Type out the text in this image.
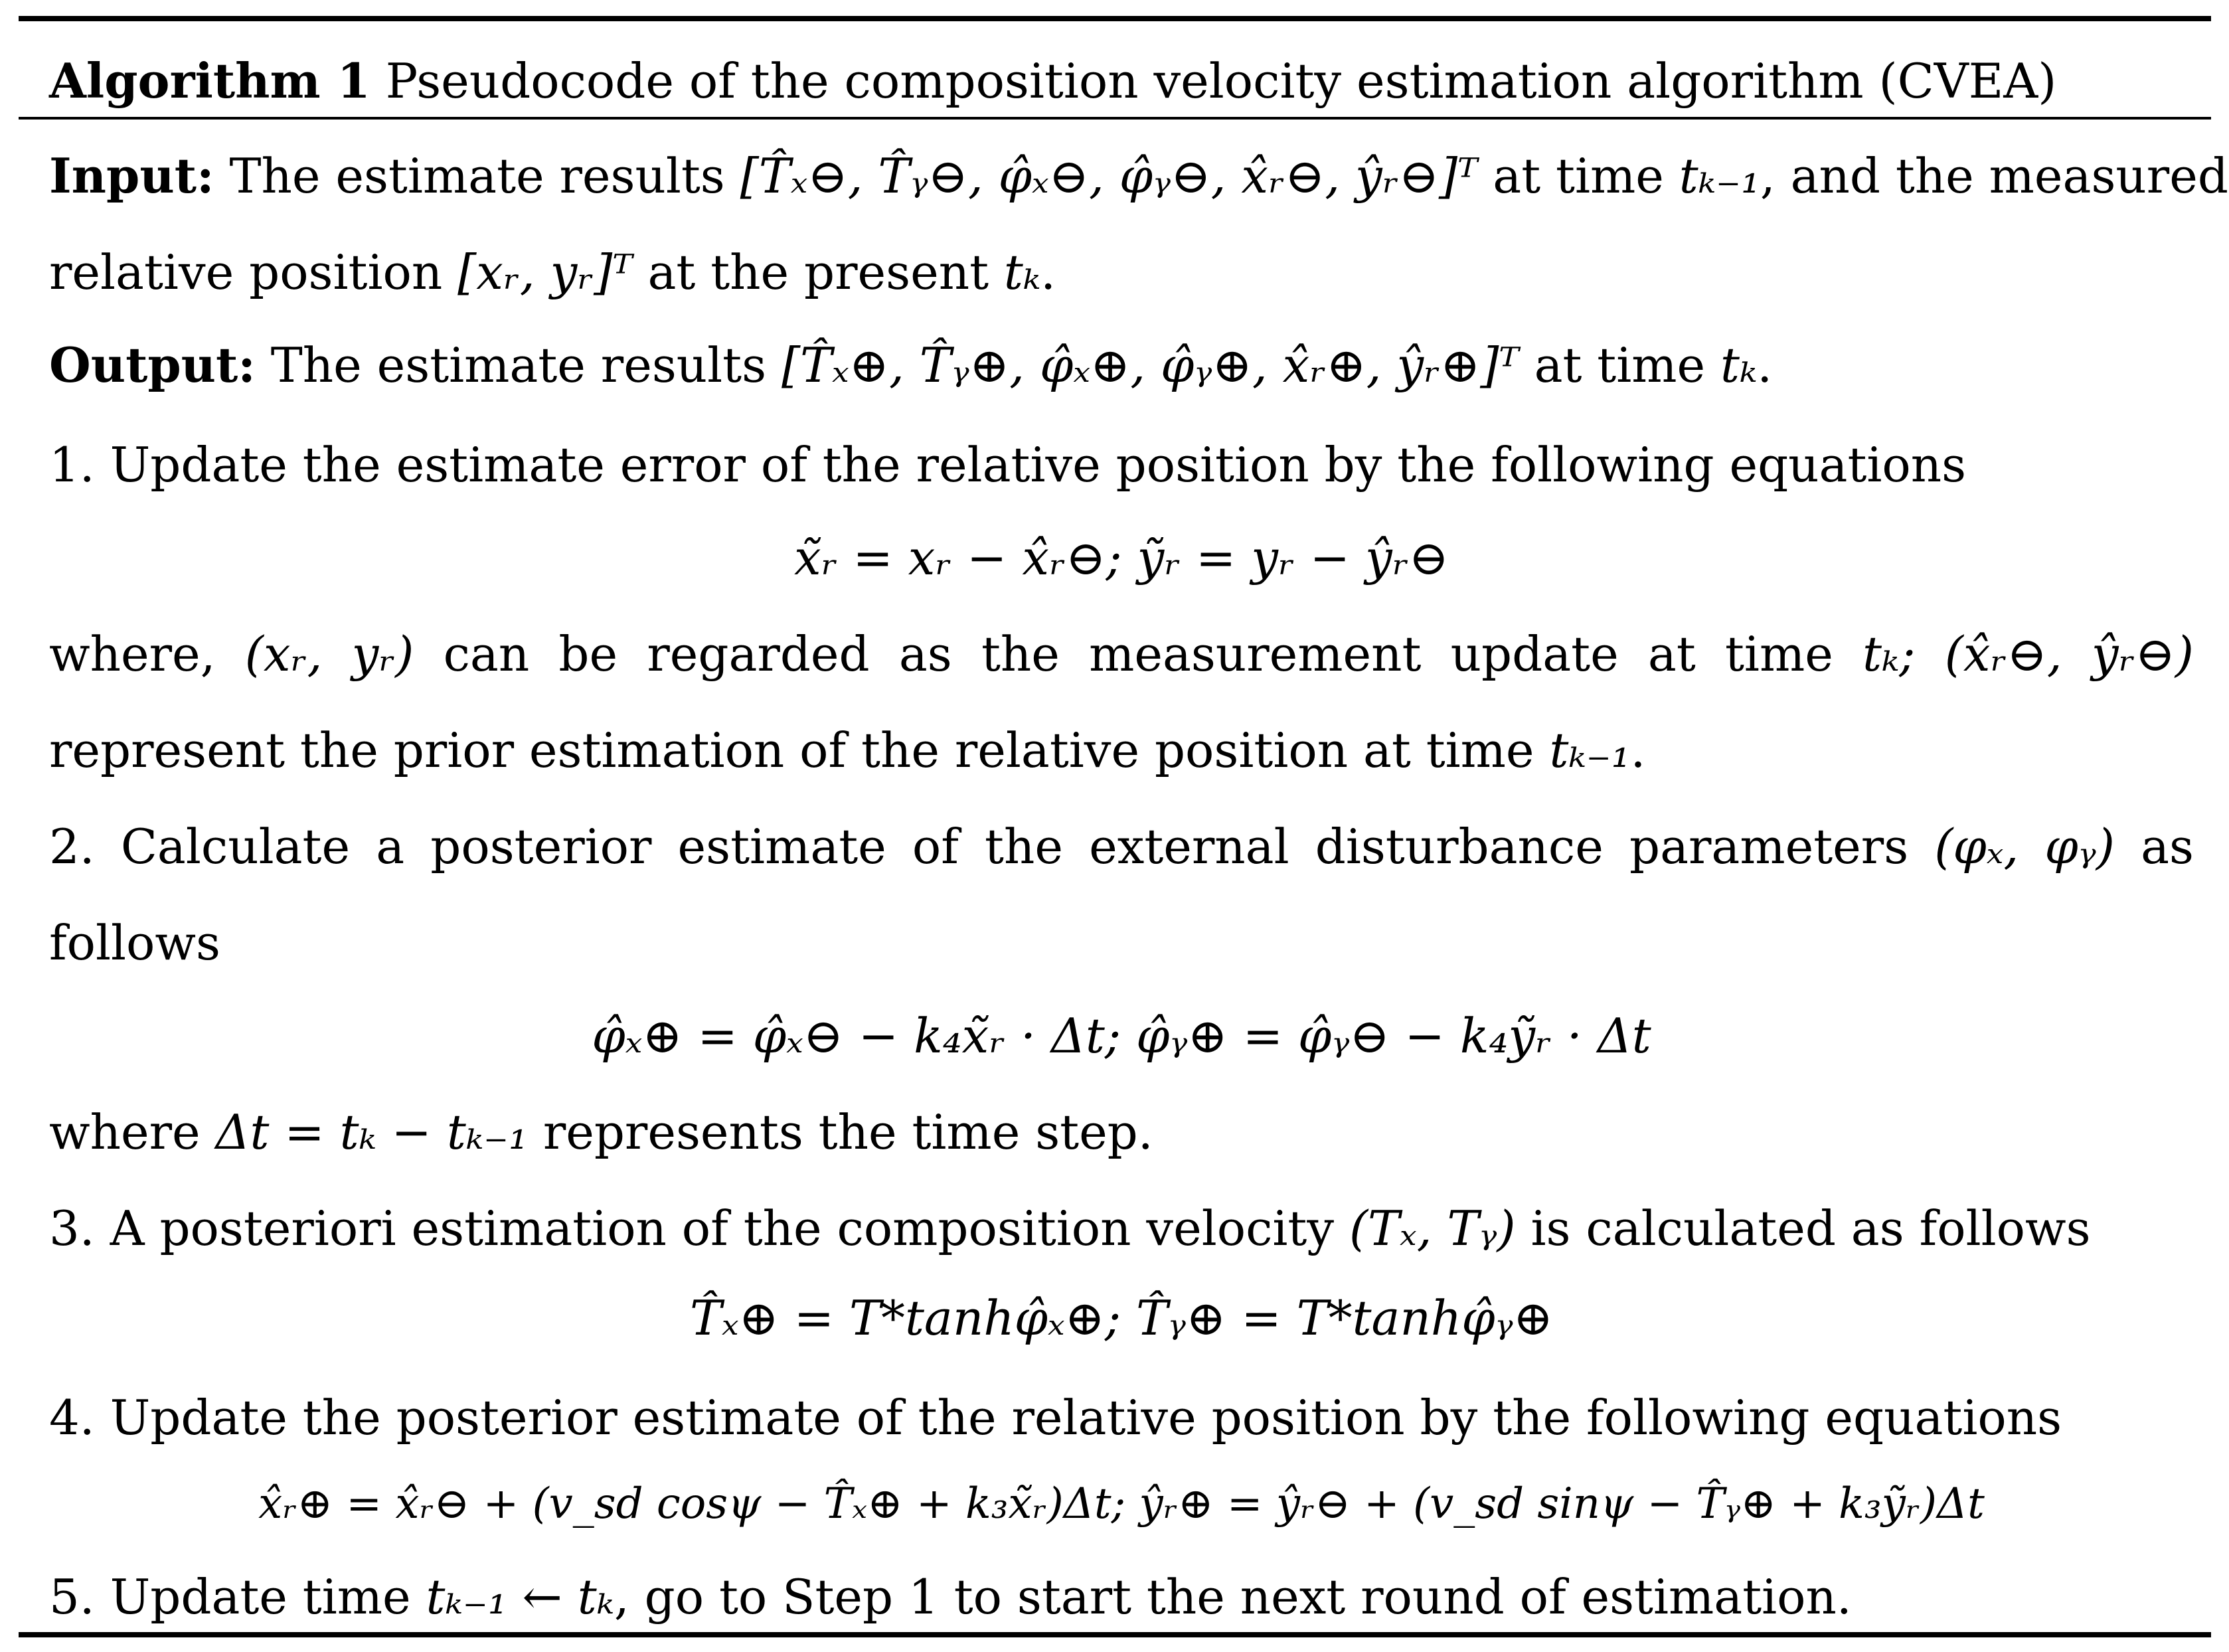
Algorithm 1 Pseudocode of the composition velocity estimation algorithm (CVEA)
Input: The estimate results [T̂ₓ⊖, T̂ᵧ⊖, φ̂ₓ⊖, φ̂ᵧ⊖, x̂ᵣ⊖, ŷᵣ⊖]ᵀ at time tₖ₋₁, and the measured
relative position [xᵣ, yᵣ]ᵀ at the present tₖ.
Output: The estimate results [T̂ₓ⊕, T̂ᵧ⊕, φ̂ₓ⊕, φ̂ᵧ⊕, x̂ᵣ⊕, ŷᵣ⊕]ᵀ at time tₖ.
1. Update the estimate error of the relative position by the following equations
x̃ᵣ = xᵣ − x̂ᵣ⊖; ỹᵣ = yᵣ − ŷᵣ⊖
where, (xᵣ, yᵣ) can be regarded as the measurement update at time tₖ; (x̂ᵣ⊖, ŷᵣ⊖)
represent the prior estimation of the relative position at time tₖ₋₁.
2. Calculate a posterior estimate of the external disturbance parameters (φₓ, φᵧ) as
follows
φ̂ₓ⊕ = φ̂ₓ⊖ − k₄x̃ᵣ · Δt; φ̂ᵧ⊕ = φ̂ᵧ⊖ − k₄ỹᵣ · Δt
where Δt = tₖ − tₖ₋₁ represents the time step.
3. A posteriori estimation of the composition velocity (Tₓ, Tᵧ) is calculated as follows
T̂ₓ⊕ = T*tanhφ̂ₓ⊕; T̂ᵧ⊕ = T*tanhφ̂ᵧ⊕
4. Update the posterior estimate of the relative position by the following equations
x̂ᵣ⊕ = x̂ᵣ⊖ + (v_sd cosψ − T̂ₓ⊕ + k₃x̃ᵣ)Δt; ŷᵣ⊕ = ŷᵣ⊖ + (v_sd sinψ − T̂ᵧ⊕ + k₃ỹᵣ)Δt
5. Update time tₖ₋₁ ← tₖ, go to Step 1 to start the next round of estimation.
